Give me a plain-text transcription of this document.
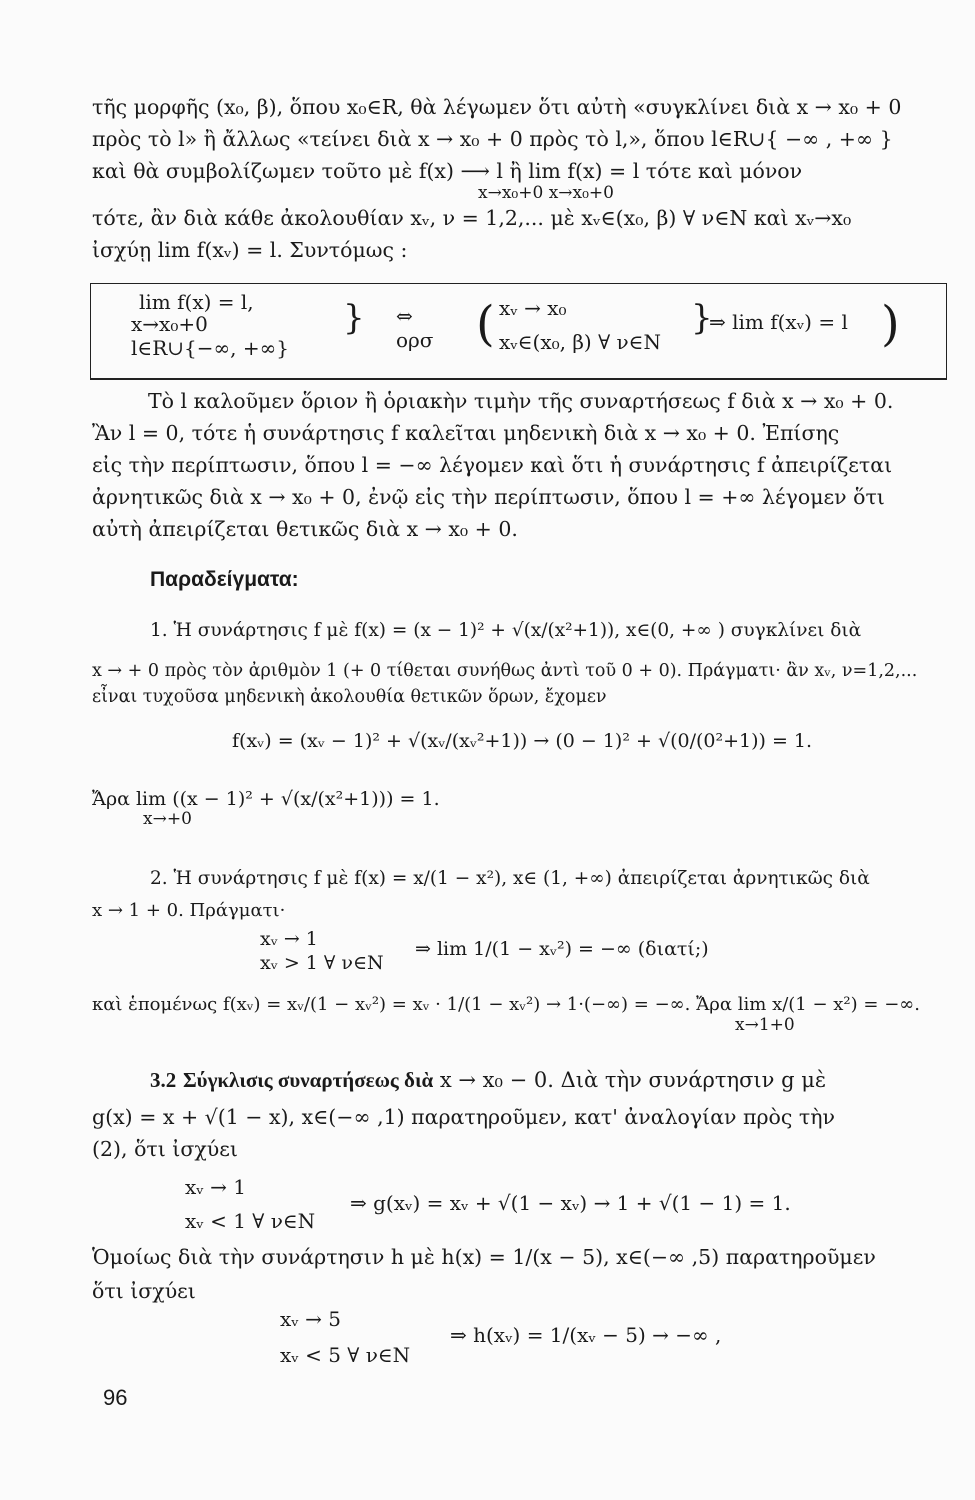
τῆς μορφῆς (x₀, β), ὅπου x₀∈R, θὰ λέγωμεν ὅτι αὐτὴ «συγκλίνει διὰ x → x₀ + 0
πρὸς τὸ l» ἢ ἄλλως «τείνει διὰ x → x₀ + 0 πρὸς τὸ l,», ὅπου l∈R∪{ −∞ , +∞ }
καὶ θὰ συμβολίζωμεν τοῦτο μὲ f(x) ⟶ l ἢ lim f(x) = l τότε καὶ μόνον
x→x₀+0 x→x₀+0
τότε, ἂν διὰ κάθε ἀκολουθίαν xᵥ, ν = 1,2,... μὲ xᵥ∈(x₀, β) ∀ ν∈N καὶ xᵥ→x₀
ἰσχύῃ lim f(xᵥ) = l. Συντόμως :
lim f(x) = l,
x→x₀+0
l∈R∪{−∞, +∞}
} ⇔
ορσ ( xᵥ → x₀
xᵥ∈(x₀, β) ∀ ν∈N
}
⇒ lim f(xᵥ) = l )
Τὸ l καλοῦμεν ὅριον ἢ ὁριακὴν τιμὴν τῆς συναρτήσεως f διὰ x → x₀ + 0.
Ἂν l = 0, τότε ἡ συνάρτησις f καλεῖται μηδενικὴ διὰ x → x₀ + 0. Ἐπίσης
εἰς τὴν περίπτωσιν, ὅπου l = −∞ λέγομεν καὶ ὅτι ἡ συνάρτησις f ἀπειρίζεται
ἀρνητικῶς διὰ x → x₀ + 0, ἐνῷ εἰς τὴν περίπτωσιν, ὅπου l = +∞ λέγομεν ὅτι
αὐτὴ ἀπειρίζεται θετικῶς διὰ x → x₀ + 0.
Παραδείγματα:
1. Ἡ συνάρτησις f μὲ f(x) = (x − 1)² + √(x/(x²+1)), x∈(0, +∞ ) συγκλίνει διὰ
x → + 0 πρὸς τὸν ἀριθμὸν 1 (+ 0 τίθεται συνήθως ἀντὶ τοῦ 0 + 0). Πράγματι· ἂν xᵥ, ν=1,2,...
εἶναι τυχοῦσα μηδενικὴ ἀκολουθία θετικῶν ὅρων, ἔχομεν
f(xᵥ) = (xᵥ − 1)² + √(xᵥ/(xᵥ²+1)) → (0 − 1)² + √(0/(0²+1)) = 1.
Ἄρα lim ((x − 1)² + √(x/(x²+1))) = 1.
x→+0
2. Ἡ συνάρτησις f μὲ f(x) = x/(1 − x²), x∈ (1, +∞) ἀπειρίζεται ἀρνητικῶς διὰ
x → 1 + 0. Πράγματι·
xᵥ → 1
xᵥ > 1 ∀ ν∈N
⇒ lim 1/(1 − xᵥ²) = −∞ (διατί;)
καὶ ἑπομένως f(xᵥ) = xᵥ/(1 − xᵥ²) = xᵥ · 1/(1 − xᵥ²) → 1·(−∞) = −∞. Ἄρα lim x/(1 − x²) = −∞.
x→1+0
3.2 Σύγκλισις συναρτήσεως διὰ x → x₀ − 0. Διὰ τὴν συνάρτησιν g μὲ
g(x) = x + √(1 − x), x∈(−∞ ,1) παρατηροῦμεν, κατ' ἀναλογίαν πρὸς τὴν
(2), ὅτι ἰσχύει
xᵥ → 1
xᵥ < 1 ∀ ν∈N
⇒ g(xᵥ) = xᵥ + √(1 − xᵥ) → 1 + √(1 − 1) = 1.
Ὁμοίως διὰ τὴν συνάρτησιν h μὲ h(x) = 1/(x − 5), x∈(−∞ ,5) παρατηροῦμεν
ὅτι ἰσχύει
xᵥ → 5
xᵥ < 5 ∀ ν∈N
⇒ h(xᵥ) = 1/(xᵥ − 5) → −∞ ,
96
